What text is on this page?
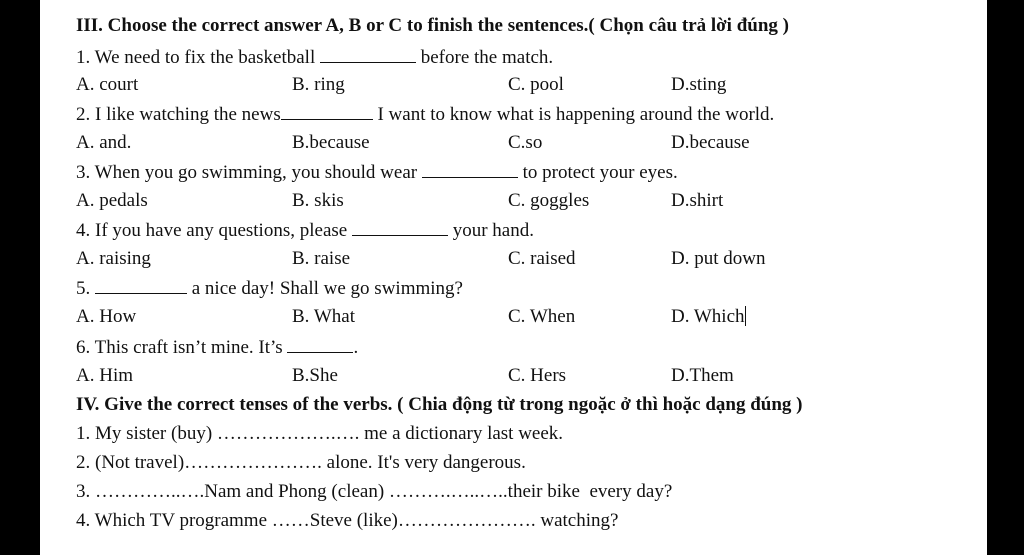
III. Choose the correct answer A, B or C to finish the sentences.( Chọn câu trả lời đúng )
1. We need to fix the basketball	before the match.
A. court	B. ring	C. pool	D.sting
2. I like watching the news	I want to know what is happening around the world.
A. and.	B.because	C.so	D.because
3. When you go swimming, you should wear	to protect your eyes.
A. pedals	B. skis	C. goggles	D.shirt
4. If you have any questions, please	your hand.
A. raising	B. raise	C. raised	D. put down
5.	a nice day! Shall we go swimming?
A. How	B. What	C. When	D. Which
6. This craft isn’t mine. It’s	.
A. Him	B.She	C. Hers	D.Them
IV. Give the correct tenses of the verbs. ( Chia động từ trong ngoặc ở thì hoặc dạng đúng )
1. My sister (buy) ……………….…. me a dictionary last week.
2. (Not travel)…………………. alone. It's very dangerous.
3. …………..….Nam and Phong (clean) ……….…..…..their bike  every day?
4. Which TV programme ……Steve (like)…………………. watching?
